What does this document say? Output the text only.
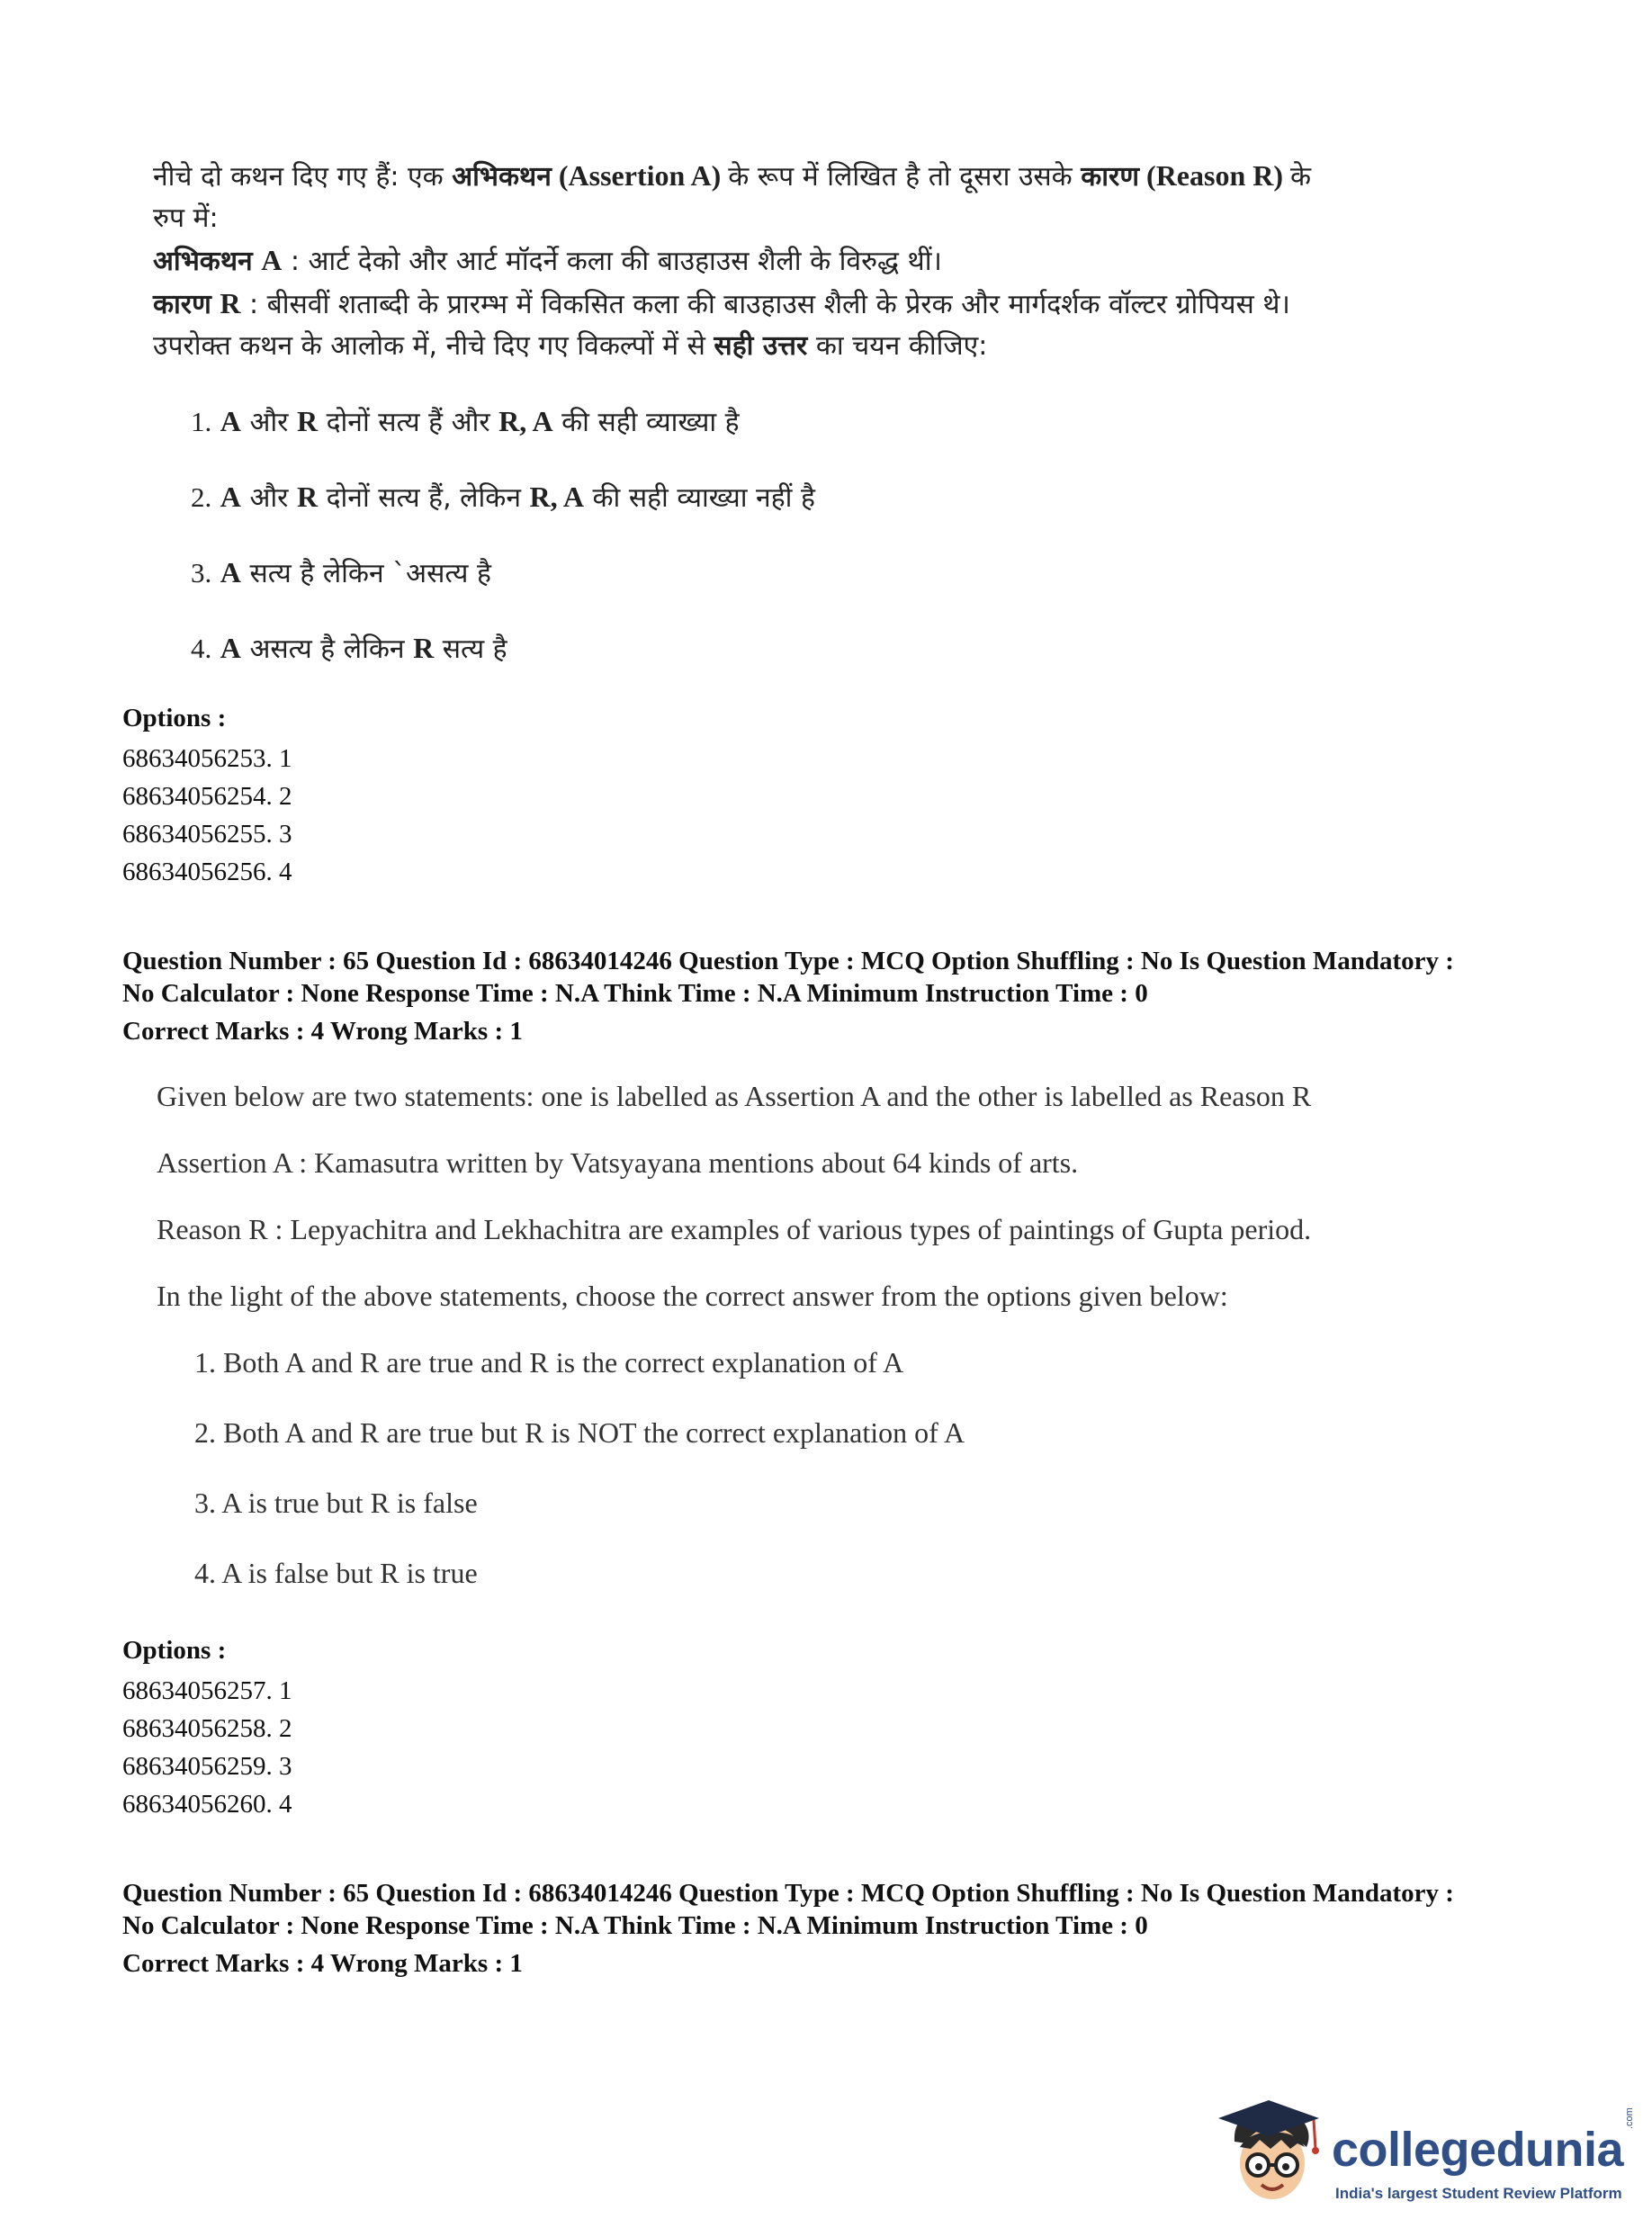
नीचे दो कथन दिए गए हैं: एक अभिकथन (Assertion A) के रूप में लिखित है तो दूसरा उसके कारण (Reason R) के

रुप में:

अभिकथन A : आर्ट देको और आर्ट मॉदर्ने कला की बाउहाउस शैली के विरुद्ध थीं।

कारण R : बीसवीं शताब्दी के प्रारम्भ में विकसित कला की बाउहाउस शैली के प्रेरक और मार्गदर्शक वॉल्टर ग्रोपियस थे।

उपरोक्त कथन के आलोक में, नीचे दिए गए विकल्पों में से सही उत्तर का चयन कीजिए:

1. A और R दोनों सत्य हैं और R, A की सही व्याख्या है
2. A और R दोनों सत्य हैं, लेकिन R, A की सही व्याख्या नहीं है
3. A सत्य है लेकिन `असत्य है
4. A असत्य है लेकिन R सत्य है
Options :
68634056253. 1
68634056254. 2
68634056255. 3
68634056256. 4
Question Number : 65 Question Id : 68634014246 Question Type : MCQ Option Shuffling : No Is Question Mandatory :
No Calculator : None Response Time : N.A Think Time : N.A Minimum Instruction Time : 0
Correct Marks : 4 Wrong Marks : 1
Given below are two statements: one is labelled as Assertion A and the other is labelled as Reason R
Assertion A : Kamasutra written by Vatsyayana mentions about 64 kinds of arts.
Reason R : Lepyachitra and Lekhachitra are examples of various types of paintings of Gupta period.
In the light of the above statements, choose the correct answer from the options given below:
1. Both A and R are true and R is the correct explanation of A
2. Both A and R are true but R is NOT the correct explanation of A
3. A is true but R is false
4. A is false but R is true
Options :
68634056257. 1
68634056258. 2
68634056259. 3
68634056260. 4
Question Number : 65 Question Id : 68634014246 Question Type : MCQ Option Shuffling : No Is Question Mandatory :
No Calculator : None Response Time : N.A Think Time : N.A Minimum Instruction Time : 0
Correct Marks : 4 Wrong Marks : 1
collegedunia
.com
India's largest Student Review Platform
